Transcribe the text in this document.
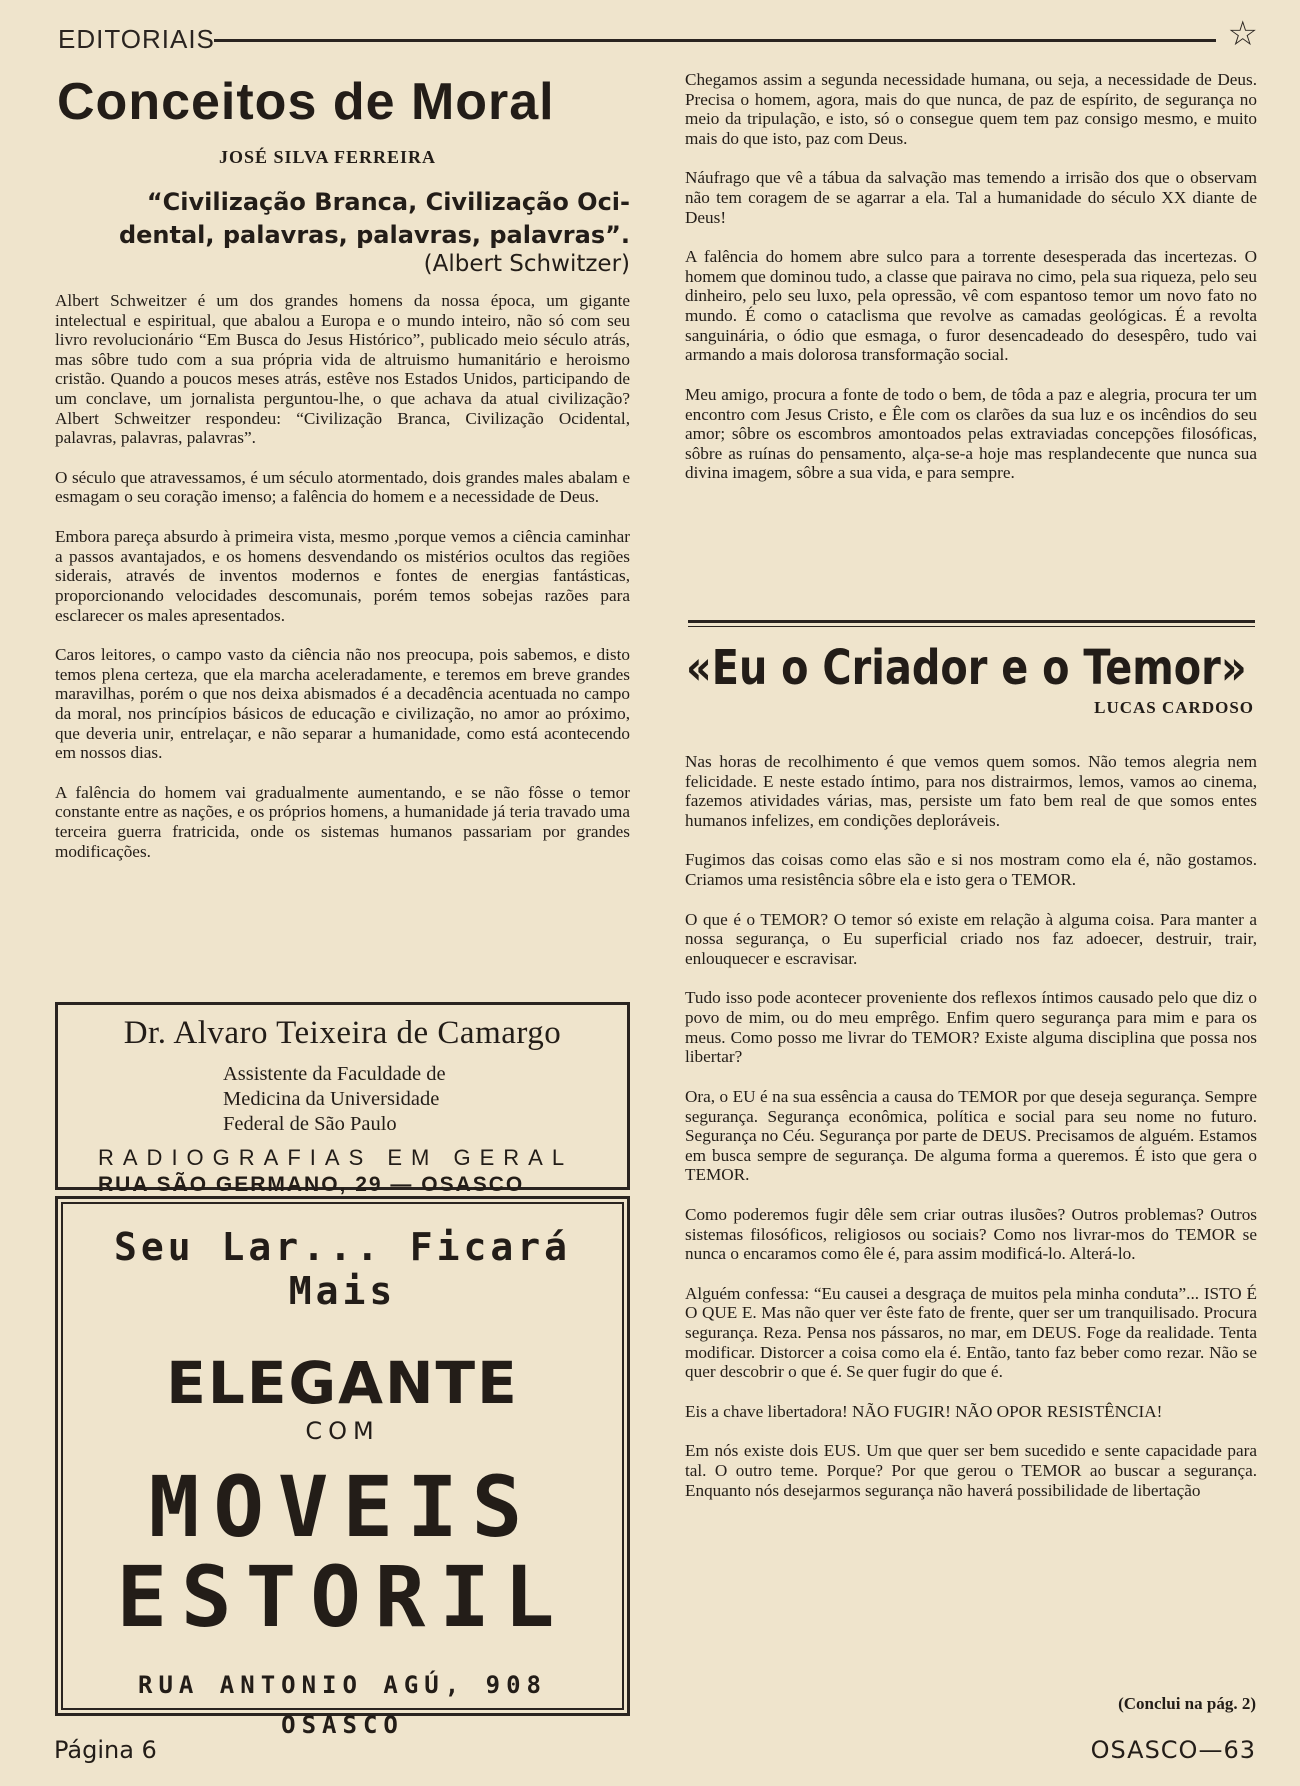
EDITORIAIS	☆
Conceitos de Moral
JOSÉ SILVA FERREIRA
“Civilização Branca, Civilização Oci-
dental, palavras, palavras, palavras”.
(Albert Schwitzer)

Albert Schweitzer é um dos grandes homens da nossa época, um gigante intelectual e espiritual, que abalou a Europa e o mundo inteiro, não só com seu livro revolucionário “Em Busca do Jesus Histórico”, publicado meio século atrás, mas sôbre tudo com a sua própria vida de altruismo humanitário e heroismo cristão. Quando a poucos meses atrás, estêve nos Estados Unidos, participando de um conclave, um jornalista perguntou-lhe, o que achava da atual civilização? Albert Schweitzer respondeu: “Civilização Branca, Civilização Ocidental, palavras, palavras, palavras”.

O século que atravessamos, é um século atormentado, dois grandes males abalam e esmagam o seu coração imenso; a falência do homem e a necessidade de Deus.

Embora pareça absurdo à primeira vista, mesmo ,porque vemos a ciência caminhar a passos avantajados, e os homens desvendando os mistérios ocultos das regiões siderais, através de inventos modernos e fontes de energias fantásticas, proporcionando velocidades descomunais, porém temos sobejas razões para esclarecer os males apresentados.

Caros leitores, o campo vasto da ciência não nos preocupa, pois sabemos, e disto temos plena certeza, que ela marcha aceleradamente, e teremos em breve grandes maravilhas, porém o que nos deixa abismados é a decadência acentuada no campo da moral, nos princípios básicos de educação e civilização, no amor ao próximo, que deveria unir, entrelaçar, e não separar a humanidade, como está acontecendo em nossos dias.

A falência do homem vai gradualmente aumentando, e se não fôsse o temor constante entre as nações, e os próprios homens, a humanidade já teria travado uma terceira guerra fratricida, onde os sistemas humanos passariam por grandes modificações.

Dr. Alvaro Teixeira de Camargo
Assistente da Faculdade de
Medicina da Universidade
Federal de São Paulo
RADIOGRAFIAS EM GERAL
RUA SÃO GERMANO, 29 — OSASCO
Seu Lar... Ficará Mais
ELEGANTE
COM
MOVEIS
ESTORIL
RUA ANTONIO AGÚ, 908
OSASCO

Chegamos assim a segunda necessidade humana, ou seja, a necessidade de Deus. Precisa o homem, agora, mais do que nunca, de paz de espírito, de segurança no meio da tripulação, e isto, só o consegue quem tem paz consigo mesmo, e muito mais do que isto, paz com Deus.

Náufrago que vê a tábua da salvação mas temendo a irrisão dos que o observam não tem coragem de se agarrar a ela. Tal a humanidade do século XX diante de Deus!

A falência do homem abre sulco para a torrente desesperada das incertezas. O homem que dominou tudo, a classe que pairava no cimo, pela sua riqueza, pelo seu dinheiro, pelo seu luxo, pela opressão, vê com espantoso temor um novo fato no mundo. É como o cataclisma que revolve as camadas geológicas. É a revolta sanguinária, o ódio que esmaga, o furor desencadeado do desespêro, tudo vai armando a mais dolorosa transformação social.

Meu amigo, procura a fonte de todo o bem, de tôda a paz e alegria, procura ter um encontro com Jesus Cristo, e Êle com os clarões da sua luz e os incêndios do seu amor; sôbre os escombros amontoados pelas extraviadas concepções filosóficas, sôbre as ruínas do pensamento, alça-se-a hoje mas resplandecente que nunca sua divina imagem, sôbre a sua vida, e para sempre.

«Eu o Criador e o Temor»
LUCAS CARDOSO

Nas horas de recolhimento é que vemos quem somos. Não temos alegria nem felicidade. E neste estado íntimo, para nos distrairmos, lemos, vamos ao cinema, fazemos atividades várias, mas, persiste um fato bem real de que somos entes humanos infelizes, em condições deploráveis.

Fugimos das coisas como elas são e si nos mostram como ela é, não gostamos. Criamos uma resistência sôbre ela e isto gera o TEMOR.

O que é o TEMOR? O temor só existe em relação à alguma coisa. Para manter a nossa segurança, o Eu superficial criado nos faz adoecer, destruir, trair, enlouquecer e escravisar.

Tudo isso pode acontecer proveniente dos reflexos íntimos causado pelo que diz o povo de mim, ou do meu emprêgo. Enfim quero segurança para mim e para os meus. Como posso me livrar do TEMOR? Existe alguma disciplina que possa nos libertar?

Ora, o EU é na sua essência a causa do TEMOR por que deseja segurança. Sempre segurança. Segurança econômica, política e social para seu nome no futuro. Segurança no Céu. Segurança por parte de DEUS. Precisamos de alguém. Estamos em busca sempre de segurança. De alguma forma a queremos. É isto que gera o TEMOR.

Como poderemos fugir dêle sem criar outras ilusões? Outros problemas? Outros sistemas filosóficos, religiosos ou sociais? Como nos livrar-mos do TEMOR se nunca o encaramos como êle é, para assim modificá-lo. Alterá-lo.

Alguém confessa: “Eu causei a desgraça de muitos pela minha conduta”... ISTO É O QUE E. Mas não quer ver êste fato de frente, quer ser um tranquilisado. Procura segurança. Reza. Pensa nos pássaros, no mar, em DEUS. Foge da realidade. Tenta modificar. Distorcer a coisa como ela é. Então, tanto faz beber como rezar. Não se quer descobrir o que é. Se quer fugir do que é.

Eis a chave libertadora! NÃO FUGIR! NÃO OPOR RESISTÊNCIA!

Em nós existe dois EUS. Um que quer ser bem sucedido e sente capacidade para tal. O outro teme. Porque? Por que gerou o TEMOR ao buscar a segurança. Enquanto nós desejarmos segurança não haverá possibilidade de libertação

(Conclui na pág. 2)
Página 6	OSASCO—63
